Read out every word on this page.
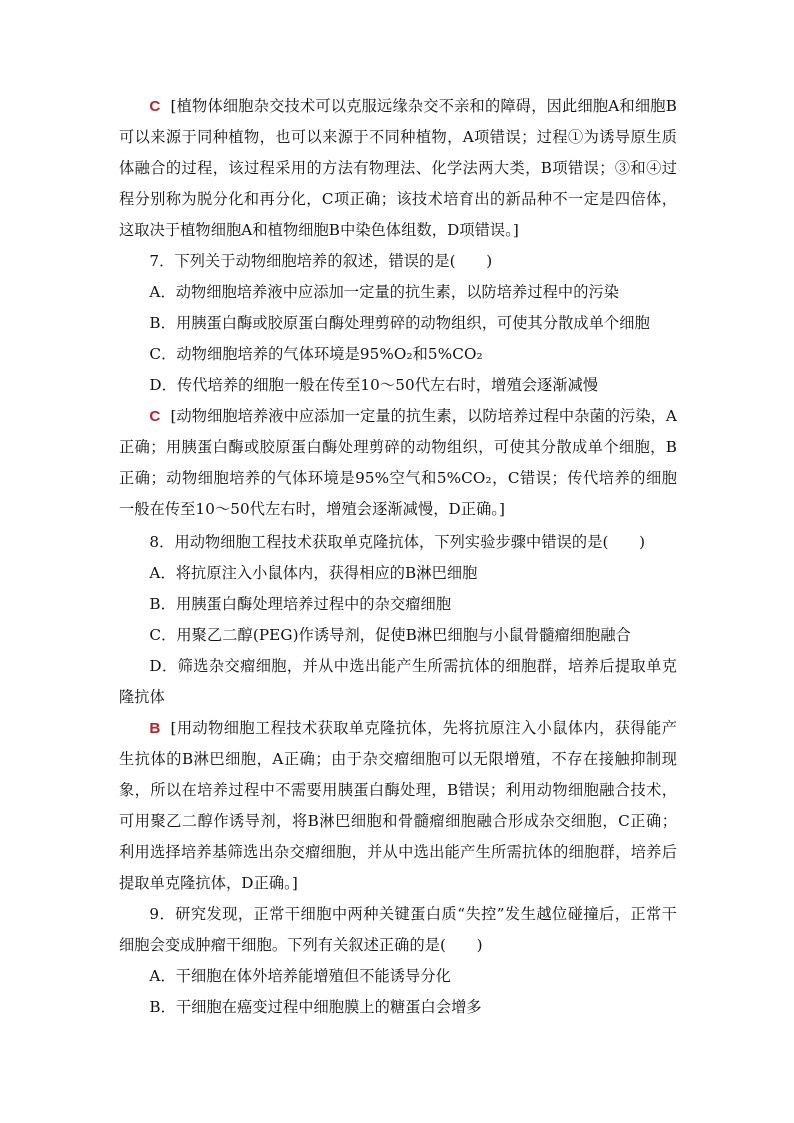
C [植物体细胞杂交技术可以克服远缘杂交不亲和的障碍，因此细胞A和细胞B可以来源于同种植物，也可以来源于不同种植物，A项错误；过程①为诱导原生质体融合的过程，该过程采用的方法有物理法、化学法两大类，B项错误；③和④过程分别称为脱分化和再分化，C项正确；该技术培育出的新品种不一定是四倍体，这取决于植物细胞A和植物细胞B中染色体组数，D项错误。]

7．下列关于动物细胞培养的叙述，错误的是(　　)

A．动物细胞培养液中应添加一定量的抗生素，以防培养过程中的污染

B．用胰蛋白酶或胶原蛋白酶处理剪碎的动物组织，可使其分散成单个细胞

C．动物细胞培养的气体环境是95%O₂和5%CO₂

D．传代培养的细胞一般在传至10～50代左右时，增殖会逐渐减慢

C [动物细胞培养液中应添加一定量的抗生素，以防培养过程中杂菌的污染，A正确；用胰蛋白酶或胶原蛋白酶处理剪碎的动物组织，可使其分散成单个细胞，B正确；动物细胞培养的气体环境是95%空气和5%CO₂，C错误；传代培养的细胞一般在传至10～50代左右时，增殖会逐渐减慢，D正确。]

8．用动物细胞工程技术获取单克隆抗体，下列实验步骤中错误的是(　　)

A．将抗原注入小鼠体内，获得相应的B淋巴细胞

B．用胰蛋白酶处理培养过程中的杂交瘤细胞

C．用聚乙二醇(PEG)作诱导剂，促使B淋巴细胞与小鼠骨髓瘤细胞融合

D．筛选杂交瘤细胞，并从中选出能产生所需抗体的细胞群，培养后提取单克隆抗体

B [用动物细胞工程技术获取单克隆抗体，先将抗原注入小鼠体内，获得能产生抗体的B淋巴细胞，A正确；由于杂交瘤细胞可以无限增殖，不存在接触抑制现象，所以在培养过程中不需要用胰蛋白酶处理，B错误；利用动物细胞融合技术，可用聚乙二醇作诱导剂，将B淋巴细胞和骨髓瘤细胞融合形成杂交细胞，C正确；利用选择培养基筛选出杂交瘤细胞，并从中选出能产生所需抗体的细胞群，培养后提取单克隆抗体，D正确。]

9．研究发现，正常干细胞中两种关键蛋白质“失控”发生越位碰撞后，正常干细胞会变成肿瘤干细胞。下列有关叙述正确的是(　　)

A．干细胞在体外培养能增殖但不能诱导分化

B．干细胞在癌变过程中细胞膜上的糖蛋白会增多
